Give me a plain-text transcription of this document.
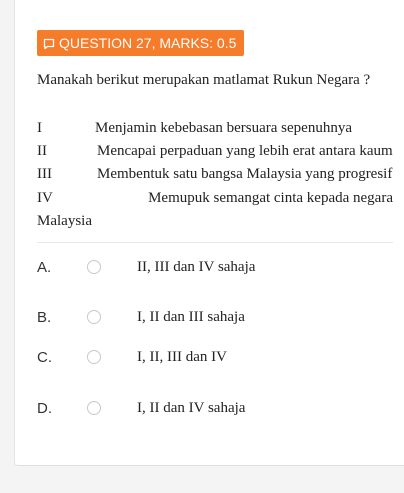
QUESTION 27, MARKS: 0.5
Manakah berikut merupakan matlamat Rukun Negara ?
I	Menjamin kebebasan bersuara sepenuhnya
II	Mencapai perpaduan yang lebih erat antara kaum
III	Membentuk satu bangsa Malaysia yang progresif
IV	Memupuk semangat cinta kepada negara
Malaysia
A.	II, III dan IV sahaja
B.	I, II dan III sahaja
C.	I, II, III dan IV
D.	I, II dan IV sahaja
